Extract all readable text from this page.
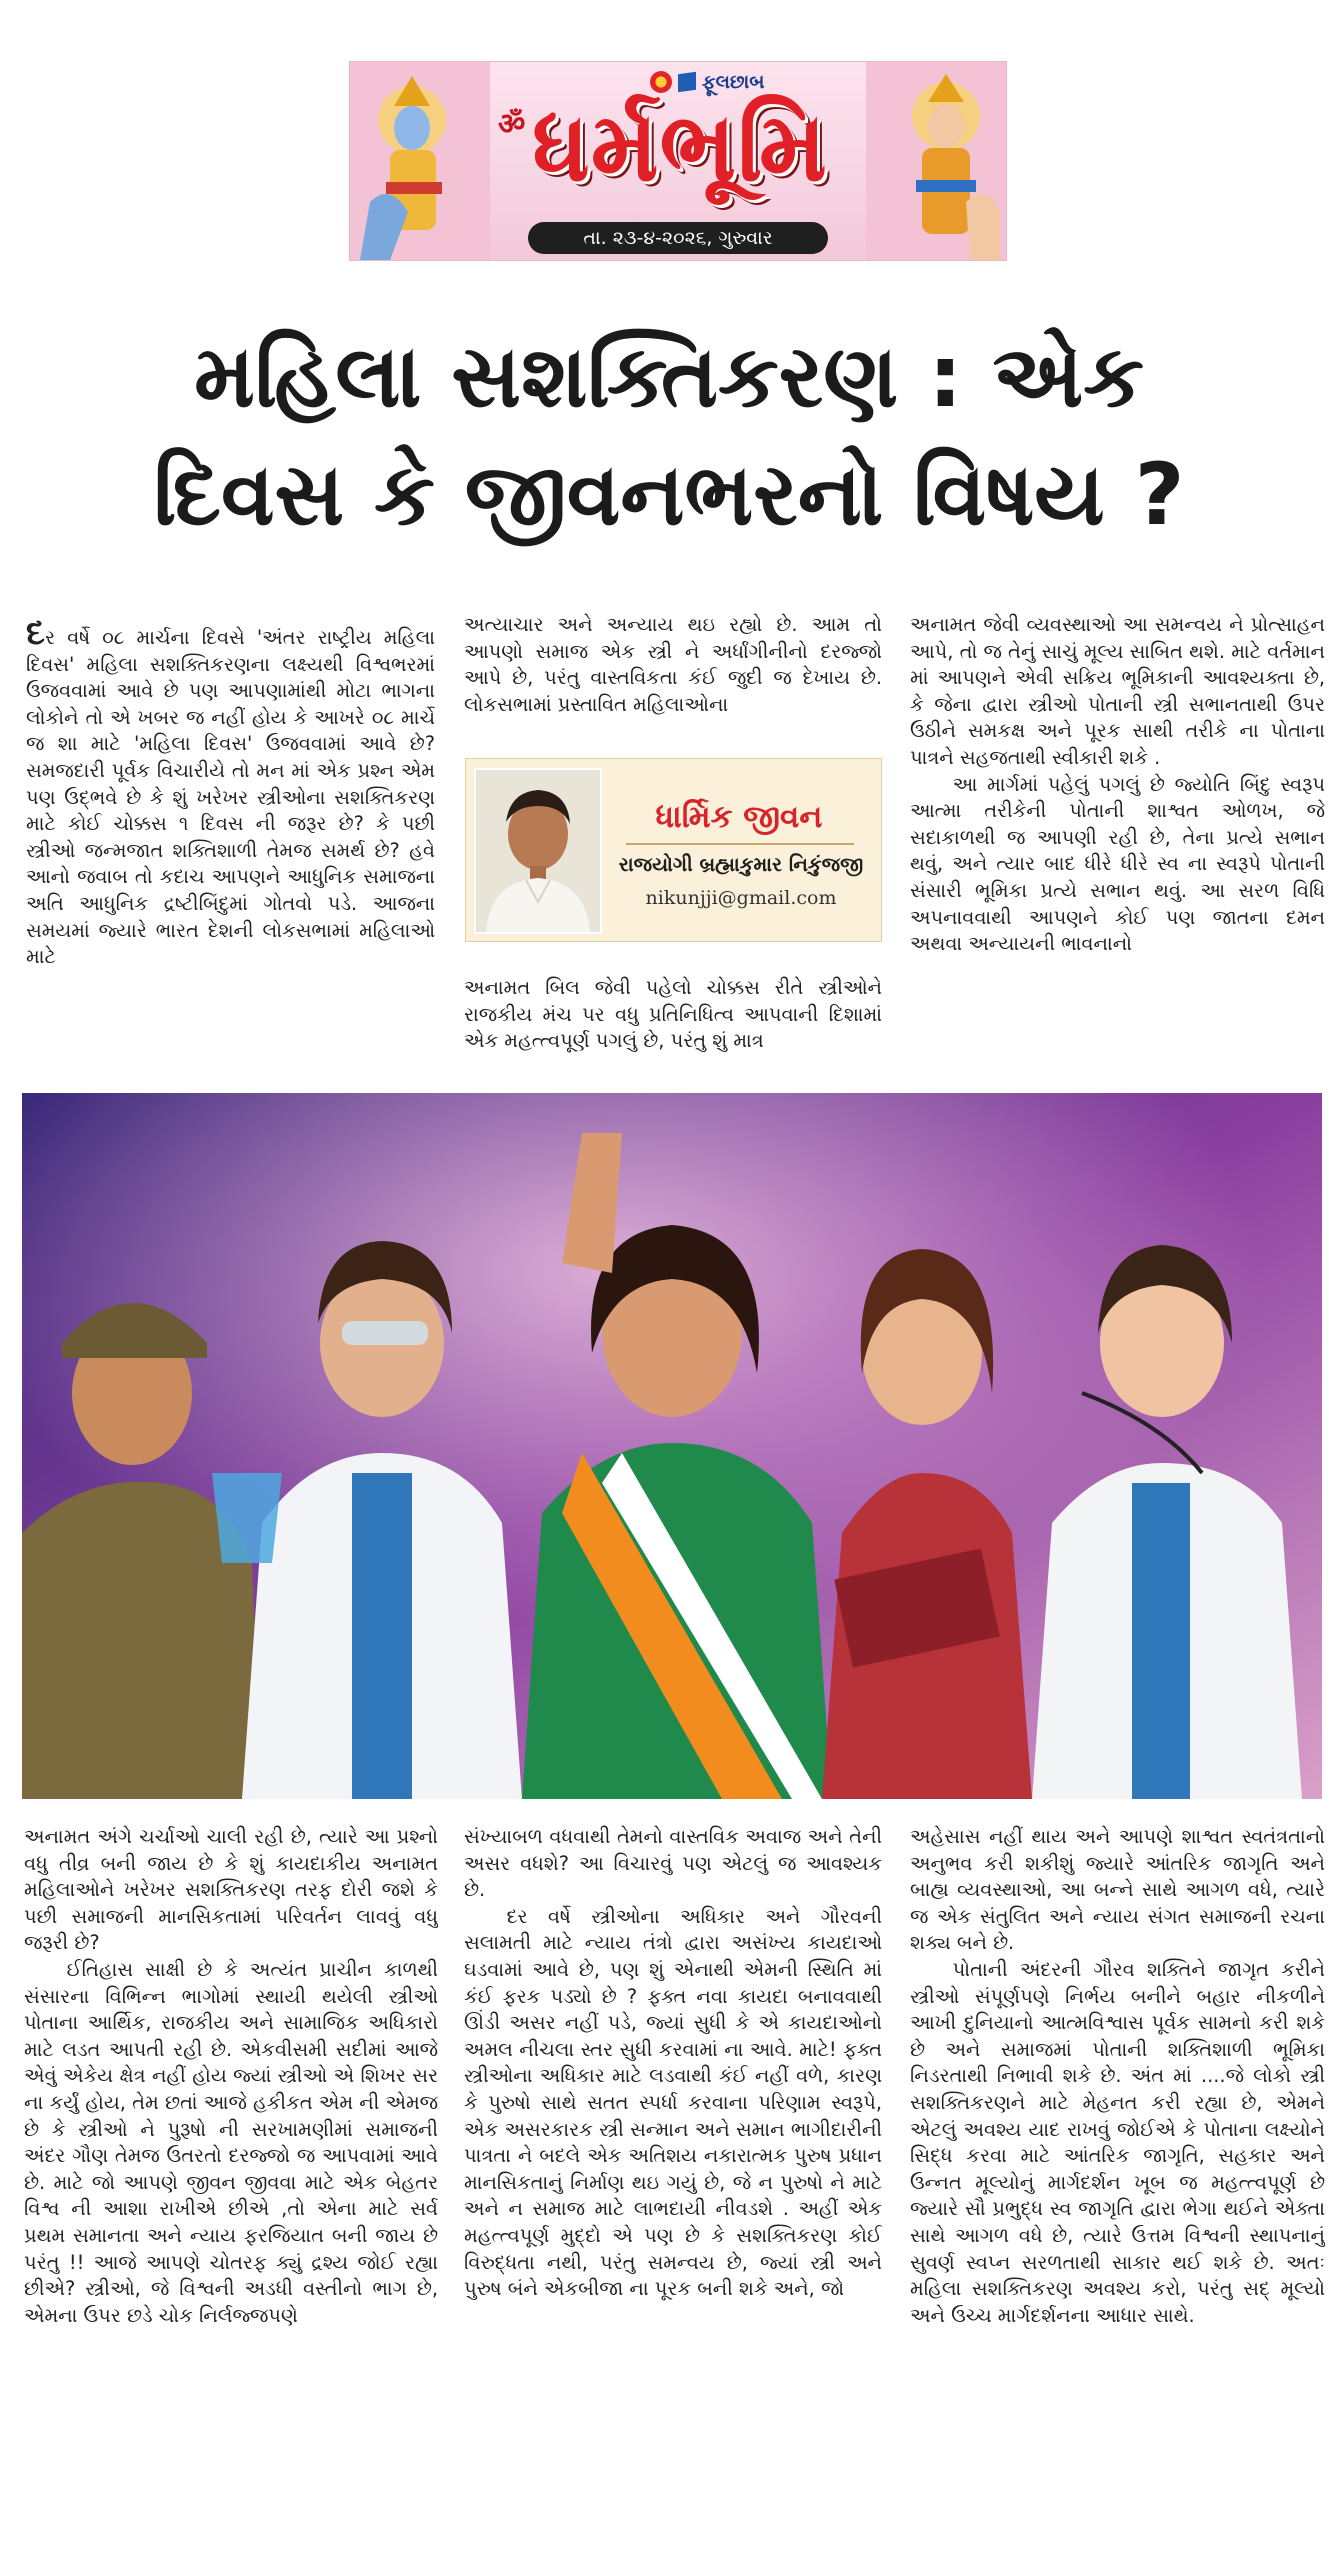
ફૂલછાબ
ॐ ધર્મભૂમિ
તા. ૨૩-૪-૨૦૨૬, ગુરુવાર
મહિલા સશક્તિકરણ : એક
દિવસ કે જીવનભરનો વિષય ?

દર વર્ષે ૦૮ માર્ચના દિવસે 'અંતર રાષ્ટ્રીય મહિલા દિવસ' મહિલા સશક્તિકરણના લક્ષ્યથી વિશ્વભરમાં ઉજવવામાં આવે છે પણ આપણામાંથી મોટા ભાગના લોકોને તો એ ખબર જ નહીં હોય કે આખરે ૦૮ માર્ચે જ શા માટે 'મહિલા દિવસ' ઉજવવામાં આવે છે? સમજદારી પૂર્વક વિચારીયે તો મન માં એક પ્રશ્ન એમ પણ ઉદ્ભવે છે કે શું ખરેખર સ્ત્રીઓના સશક્તિકરણ માટે કોઈ ચોક્કસ ૧ દિવસ ની જરૂર છે? કે પછી સ્ત્રીઓ જન્મજાત શક્તિશાળી તેમજ સમર્થ છે? હવે આનો જવાબ તો કદાચ આપણને આધુનિક સમાજના અતિ આધુનિક દ્રષ્ટીબિંદુમાં ગોતવો પડે. આજના સમયમાં જ્યારે ભારત દેશની લોકસભામાં મહિલાઓ માટે

અત્યાચાર અને અન્યાય થઇ રહ્યો છે. આમ તો આપણો સમાજ એક સ્ત્રી ને અર્ધાંગીનીનો દરજ્જો આપે છે, પરંતુ વાસ્તવિકતા કંઈ જુદી જ દેખાય છે. લોકસભામાં પ્રસ્તાવિત મહિલાઓના

ધાર્મિક જીવન
રાજયોગી બ્રહ્માકુમાર નિકુંજજી
nikunjji@gmail.com

અનામત બિલ જેવી પહેલો ચોક્કસ રીતે સ્ત્રીઓને રાજકીય મંચ પર વધુ પ્રતિનિધિત્વ આપવાની દિશામાં એક મહત્ત્વપૂર્ણ પગલું છે, પરંતુ શું માત્ર

અનામત જેવી વ્યવસ્થાઓ આ સમન્વય ને પ્રોત્સાહન આપે, તો જ તેનું સાચું મૂલ્ય સાબિત થશે. માટે વર્તમાન માં આપણને એવી સક્રિય ભૂમિકાની આવશ્યક્તા છે, કે જેના દ્વારા સ્ત્રીઓ પોતાની સ્ત્રી સભાનતાથી ઉપર ઉઠીને સમકક્ષ અને પૂરક સાથી તરીકે ના પોતાના પાત્રને સહજતાથી સ્વીકારી શકે .

આ માર્ગમાં પહેલું પગલું છે જ્યોતિ બિંદુ સ્વરૂપ આત્મા તરીકેની પોતાની શાશ્વત ઓળખ, જે સદાકાળથી જ આપણી રહી છે, તેના પ્રત્યે સભાન થવું, અને ત્યાર બાદ ધીરે ધીરે સ્વ ના સ્વરૂપે પોતાની સંસારી ભૂમિકા પ્રત્યે સભાન થવું. આ સરળ વિધિ અપનાવવાથી આપણને કોઈ પણ જાતના દમન અથવા અન્યાયની ભાવનાનો

અનામત અંગે ચર્ચાઓ ચાલી રહી છે, ત્યારે આ પ્રશ્નો વધુ તીવ્ર બની જાય છે કે શું કાયદાકીય અનામત મહિલાઓને ખરેખર સશક્તિકરણ તરફ દોરી જશે કે પછી સમાજની માનસિકતામાં પરિવર્તન લાવવું વધુ જરૂરી છે?

ઈતિહાસ સાક્ષી છે કે અત્યંત પ્રાચીન કાળથી સંસારના વિભિન્ન ભાગોમાં સ્થાયી થયેલી સ્ત્રીઓ પોતાના આર્થિક, રાજકીય અને સામાજિક અધિકારો માટે લડત આપતી રહી છે. એકવીસમી સદીમાં આજે એવું એકેય ક્ષેત્ર નહીં હોય જ્યાં સ્ત્રીઓ એ શિખર સર ના કર્યું હોય, તેમ છતાં આજે હકીકત એમ ની એમજ છે કે સ્ત્રીઓ ને પુરૂષો ની સરખામણીમાં સમાજની અંદર ગૌણ તેમજ ઉતરતો દરજ્જો જ આપવામાં આવે છે. માટે જો આપણે જીવન જીવવા માટે એક બેહતર વિશ્વ ની આશા રાખીએ છીએ ,તો એના માટે સર્વ પ્રથમ સમાનતા અને ન્યાય ફરજિયાત બની જાય છે પરંતુ !! આજે આપણે ચોતરફ ક્યું દ્રશ્ય જોઈ રહ્યા છીએ? સ્ત્રીઓ, જે વિશ્વની અડધી વસ્તીનો ભાગ છે, એમના ઉપર છડે ચોક નિર્લજ્જપણે

સંખ્યાબળ વધવાથી તેમનો વાસ્તવિક અવાજ અને તેની અસર વધશે? આ વિચારવું પણ એટલું જ આવશ્યક છે.

દર વર્ષે સ્ત્રીઓના અધિકાર અને ગૌરવની સલામતી માટે ન્યાય તંત્રો દ્વારા અસંખ્ય કાયદાઓ ઘડવામાં આવે છે, પણ શું એનાથી એમની સ્થિતિ માં કંઈ ફરક પડ્યો છે ? ફક્ત નવા કાયદા બનાવવાથી ઊંડી અસર નહીં પડે, જ્યાં સુધી કે એ કાયદાઓનો અમલ નીચલા સ્તર સુધી કરવામાં ના આવે. માટે! ફક્ત સ્ત્રીઓના અધિકાર માટે લડવાથી કંઈ નહીં વળે, કારણ કે પુરુષો સાથે સતત સ્પર્ધા કરવાના પરિણામ સ્વરૂપે, એક અસરકારક સ્ત્રી સન્માન અને સમાન ભાગીદારીની પાત્રતા ને બદલે એક અતિશય નકારાત્મક પુરુષ પ્રધાન માનસિકતાનું નિર્માણ થઇ ગયું છે, જે ન પુરુષો ને માટે અને ન સમાજ માટે લાભદાયી નીવડશે . અહીં એક મહત્ત્વપૂર્ણ મુદ્દો એ પણ છે કે સશક્તિકરણ કોઈ વિરુદ્ધતા નથી, પરંતુ સમન્વય છે, જ્યાં સ્ત્રી અને પુરુષ બંને એકબીજા ના પૂરક બની શકે અને, જો

અહેસાસ નહીં થાય અને આપણે શાશ્વત સ્વતંત્રતાનો અનુભવ કરી શકીશું જ્યારે આંતરિક જાગૃતિ અને બાહ્ય વ્યવસ્થાઓ, આ બન્ને સાથે આગળ વધે, ત્યારે જ એક સંતુલિત અને ન્યાય સંગત સમાજની રચના શક્ય બને છે.

પોતાની અંદરની ગૌરવ શક્તિને જાગૃત કરીને સ્ત્રીઓ સંપૂર્ણપણે નિર્ભય બનીને બહાર નીકળીને આખી દુનિયાનો આત્મવિશ્વાસ પૂર્વક સામનો કરી શકે છે અને સમાજમાં પોતાની શક્તિશાળી ભૂમિકા નિડરતાથી નિભાવી શકે છે. અંત માં ....જે લોકો સ્ત્રી સશક્તિકરણને માટે મેહનત કરી રહ્યા છે, એમને એટલું અવશ્ય યાદ રાખવું જોઈએ કે પોતાના લક્ષ્યોને સિદ્ધ કરવા માટે આંતરિક જાગૃતિ, સહકાર અને ઉન્નત મૂલ્યોનું માર્ગદર્શન ખૂબ જ મહત્ત્વપૂર્ણ છે જ્યારે સૌ પ્રભુદ્ધ સ્વ જાગૃતિ દ્વારા ભેગા થઈને એક્તા સાથે આગળ વધે છે, ત્યારે ઉત્તમ વિશ્વની સ્થાપનાનું સુવર્ણ સ્વપ્ન સરળતાથી સાકાર થઈ શકે છે. અતઃ મહિલા સશક્તિકરણ અવશ્ય કરો, પરંતુ સદ્ મૂલ્યો અને ઉચ્ચ માર્ગદર્શનના આધાર સાથે.
